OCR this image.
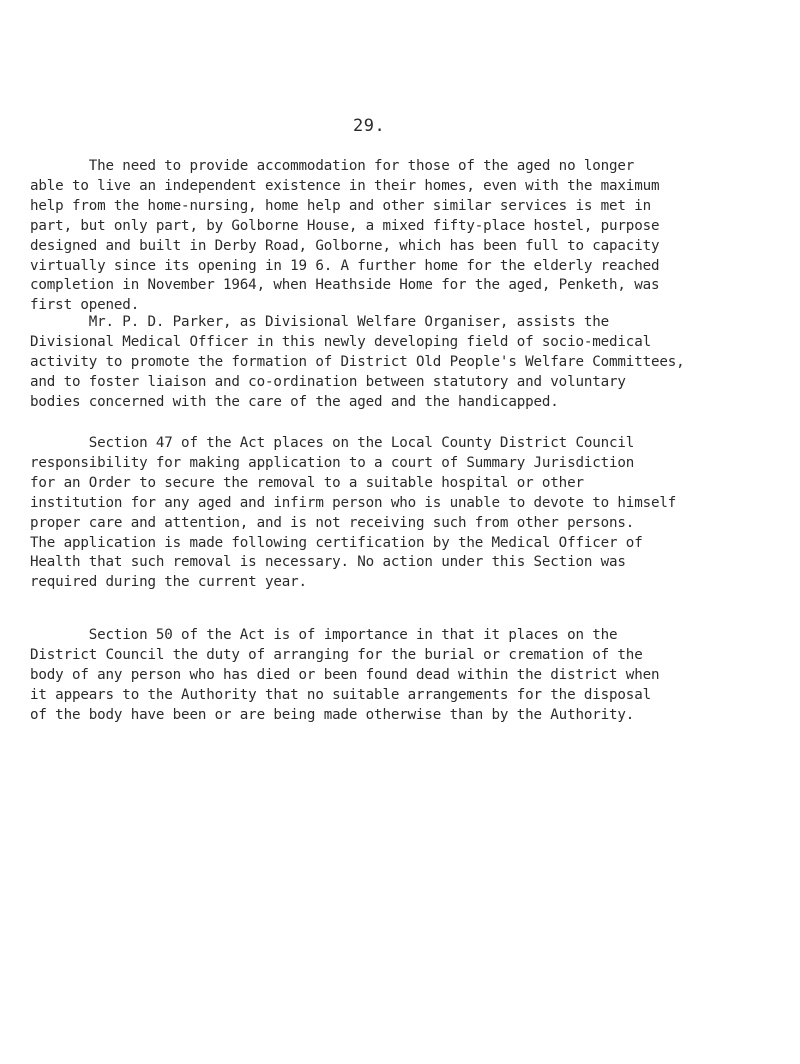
29.
The need to provide accommodation for those of the aged no longer
able to live an independent existence in their homes, even with the maximum
help from the home-nursing, home help and other similar services is met in
part, but only part, by Golborne House, a mixed fifty-place hostel, purpose
designed and built in Derby Road, Golborne, which has been full to capacity
virtually since its opening in 19 6. A further home for the elderly reached
completion in November 1964, when Heathside Home for the aged, Penketh, was
first opened.
Mr. P. D. Parker, as Divisional Welfare Organiser, assists the
Divisional Medical Officer in this newly developing field of socio-medical
activity to promote the formation of District Old People's Welfare Committees,
and to foster liaison and co-ordination between statutory and voluntary
bodies concerned with the care of the aged and the handicapped.
Section 47 of the Act places on the Local County District Council
responsibility for making application to a court of Summary Jurisdiction
for an Order to secure the removal to a suitable hospital or other
institution for any aged and infirm person who is unable to devote to himself
proper care and attention, and is not receiving such from other persons.
The application is made following certification by the Medical Officer of
Health that such removal is necessary. No action under this Section was
required during the current year.
Section 50 of the Act is of importance in that it places on the
District Council the duty of arranging for the burial or cremation of the
body of any person who has died or been found dead within the district when
it appears to the Authority that no suitable arrangements for the disposal
of the body have been or are being made otherwise than by the Authority.
